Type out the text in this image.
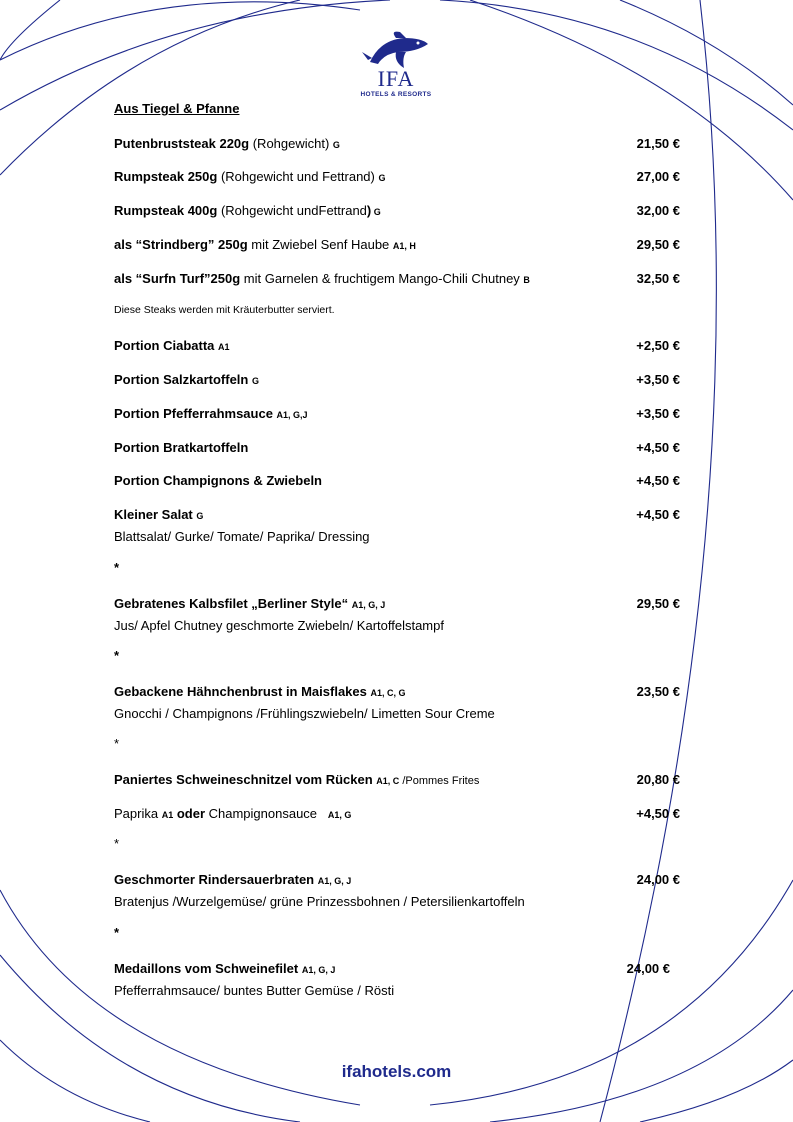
IFA
HOTELS & RESORTS
Aus Tiegel & Pfanne
Putenbruststeak 220g (Rohgewicht) G	21,50 €
Rumpsteak 250g (Rohgewicht und Fettrand) G	27,00 €
Rumpsteak 400g (Rohgewicht undFettrand) G	32,00 €
als “Strindberg” 250g mit Zwiebel Senf Haube A1, H	29,50 €
als “Surfn Turf”250g mit Garnelen & fruchtigem Mango-Chili Chutney B	32,50 €
Diese Steaks werden mit Kräuterbutter serviert.
Portion Ciabatta A1	+2,50 €
Portion Salzkartoffeln G	+3,50 €
Portion Pfefferrahmsauce A1, G,J	+3,50 €
Portion Bratkartoffeln	+4,50 €
Portion Champignons & Zwiebeln	+4,50 €
Kleiner Salat G	+4,50 €
Blattsalat/ Gurke/ Tomate/ Paprika/ Dressing
*
Gebratenes Kalbsfilet „Berliner Style“ A1, G, J	29,50 €
Jus/ Apfel Chutney geschmorte Zwiebeln/ Kartoffelstampf
*
Gebackene Hähnchenbrust in Maisflakes A1, C, G	23,50 €
Gnocchi / Champignons /Frühlingszwiebeln/ Limetten Sour Creme
*
Paniertes Schweineschnitzel vom Rücken A1, C /Pommes Frites	20,80 €
Paprika A1 oder Champignonsauce   A1, G	+4,50 €
*
Geschmorter Rindersauerbraten A1, G, J	24,00 €
Bratenjus /Wurzelgemüse/ grüne Prinzessbohnen / Petersilienkartoffeln
*
Medaillons vom Schweinefilet A1, G, J	24,00 €
Pfefferrahmsauce/ buntes Butter Gemüse / Rösti
ifahotels.com
